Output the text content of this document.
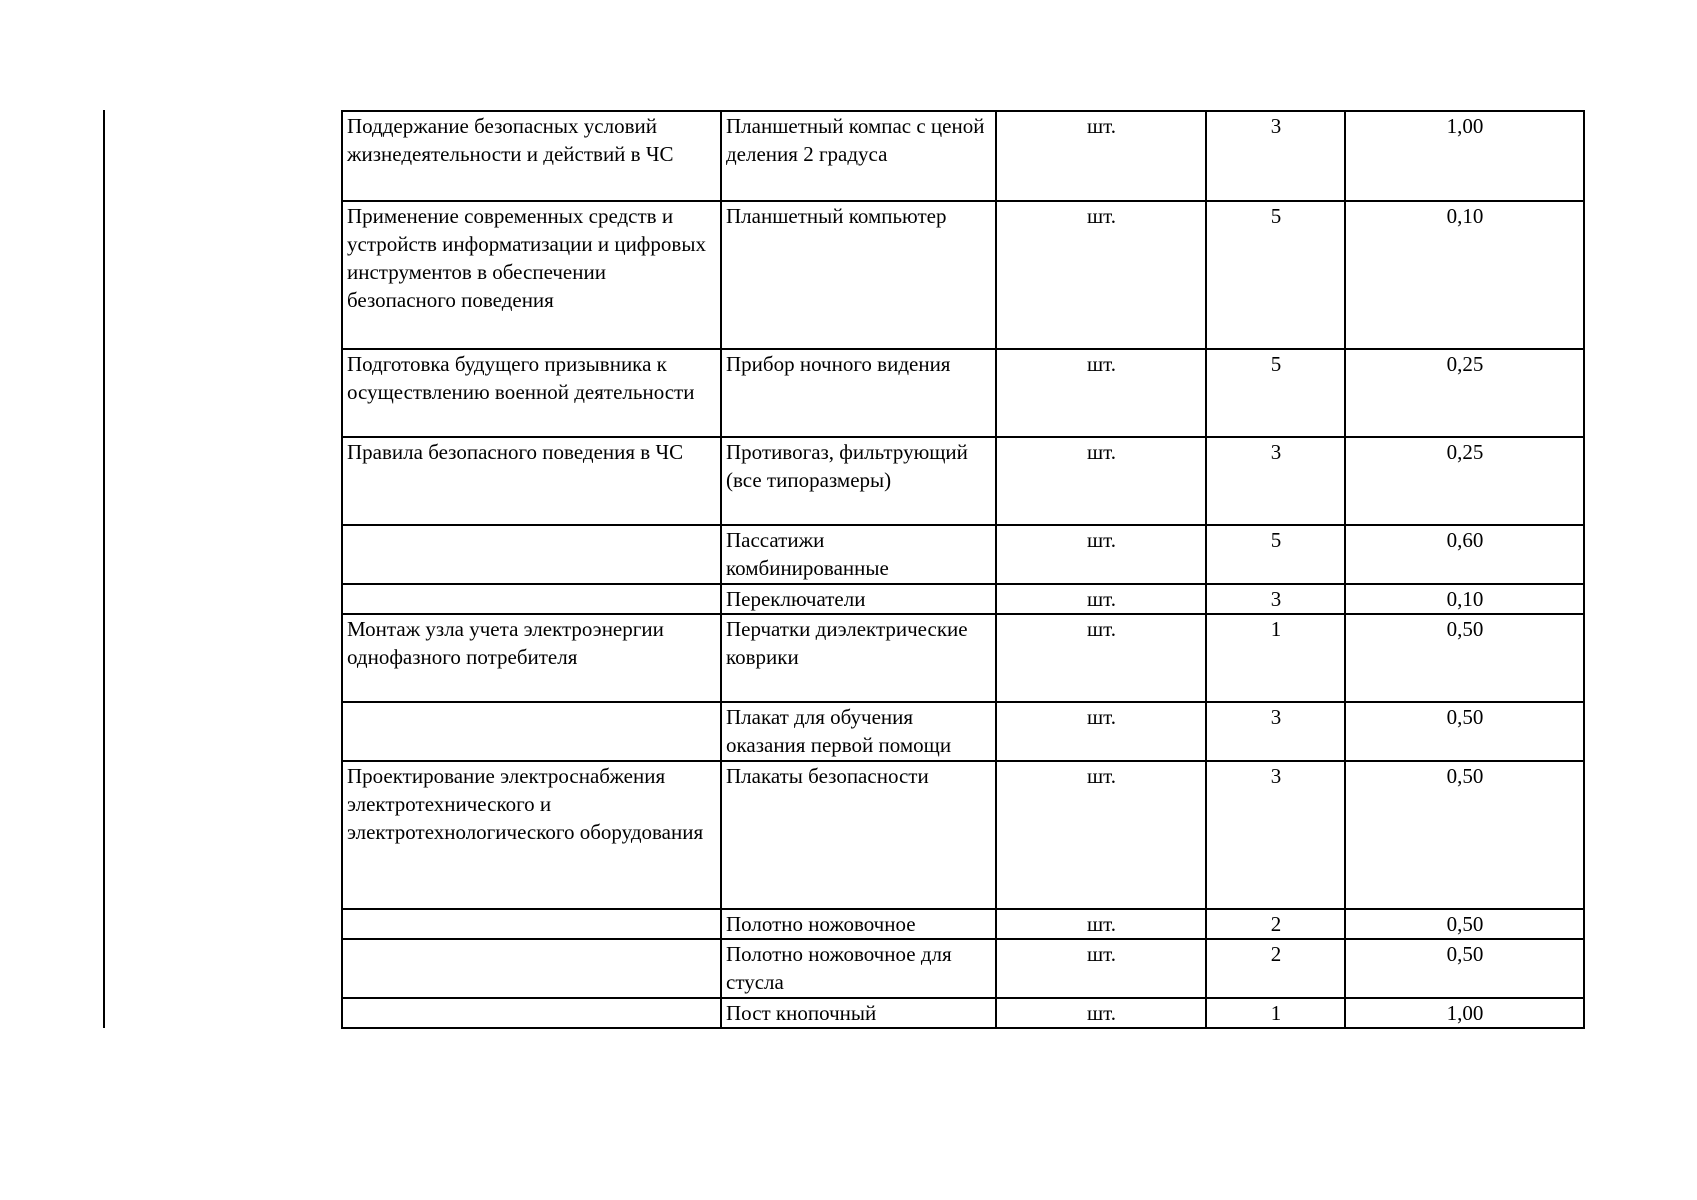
Поддержание безопасных условий жизнедеятельности и действий в ЧС	Планшетный компас с ценой деления 2 градуса	шт.	3	1,00
Применение современных средств и устройств информатизации и цифровых инструментов в обеспечении безопасного поведения	Планшетный компьютер	шт.	5	0,10
Подготовка будущего призывника к осуществлению военной деятельности	Прибор ночного видения	шт.	5	0,25
Правила безопасного поведения в ЧС	Противогаз, фильтрующий (все типоразмеры)	шт.	3	0,25
	Пассатижи комбинированные	шт.	5	0,60
	Переключатели	шт.	3	0,10
Монтаж узла учета электроэнергии однофазного потребителя	Перчатки диэлектрические коврики	шт.	1	0,50
	Плакат для обучения оказания первой помощи	шт.	3	0,50
Проектирование электроснабжения электротехнического и электротехнологического оборудования	Плакаты безопасности	шт.	3	0,50
	Полотно ножовочное	шт.	2	0,50
	Полотно ножовочное для стусла	шт.	2	0,50
	Пост кнопочный	шт.	1	1,00
